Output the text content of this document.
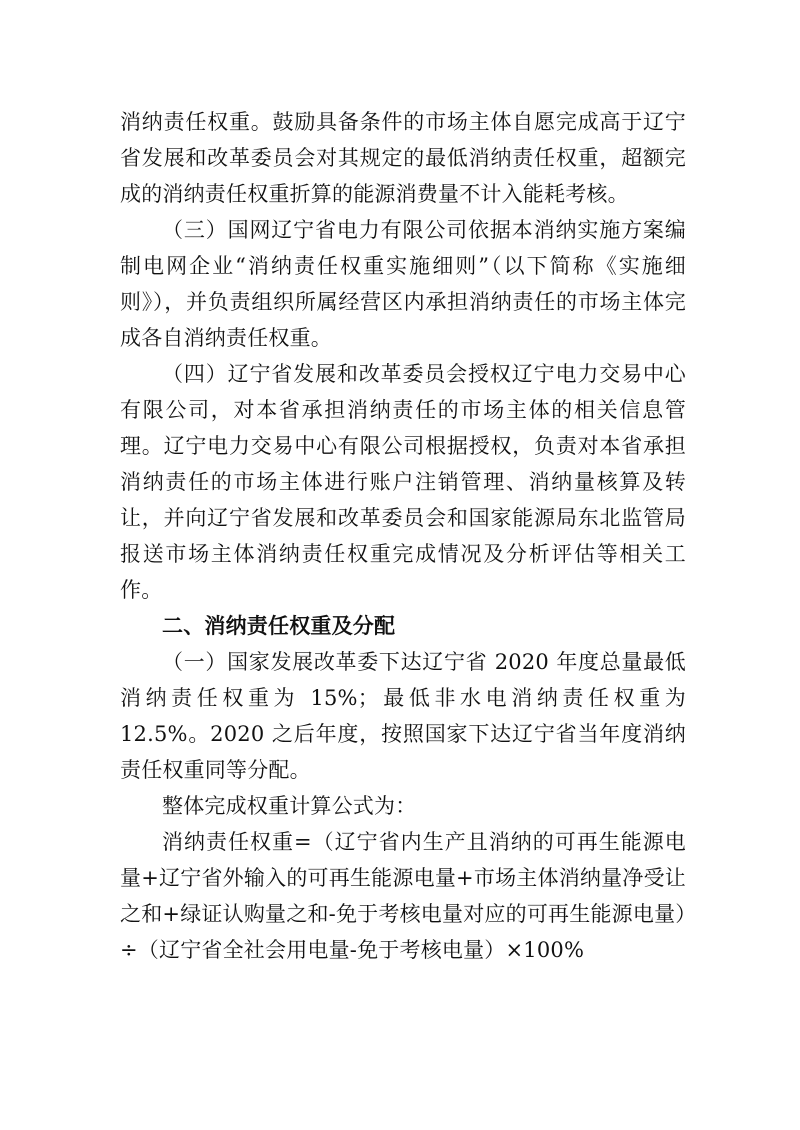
消纳责任权重。鼓励具备条件的市场主体自愿完成高于辽宁省发展和改革委员会对其规定的最低消纳责任权重，超额完成的消纳责任权重折算的能源消费量不计入能耗考核。

（三）国网辽宁省电力有限公司依据本消纳实施方案编制电网企业“消纳责任权重实施细则”（以下简称《实施细则》），并负责组织所属经营区内承担消纳责任的市场主体完成各自消纳责任权重。

（四）辽宁省发展和改革委员会授权辽宁电力交易中心有限公司，对本省承担消纳责任的市场主体的相关信息管理。辽宁电力交易中心有限公司根据授权，负责对本省承担消纳责任的市场主体进行账户注销管理、消纳量核算及转让，并向辽宁省发展和改革委员会和国家能源局东北监管局报送市场主体消纳责任权重完成情况及分析评估等相关工作。

二、消纳责任权重及分配

（一）国家发展改革委下达辽宁省 2020 年度总量最低消纳责任权重为 15%；最低非水电消纳责任权重为 12.5%。2020 之后年度，按照国家下达辽宁省当年度消纳责任权重同等分配。

整体完成权重计算公式为：

消纳责任权重=（辽宁省内生产且消纳的可再生能源电量+辽宁省外输入的可再生能源电量+市场主体消纳量净受让之和+绿证认购量之和-免于考核电量对应的可再生能源电量）÷（辽宁省全社会用电量-免于考核电量）×100%
